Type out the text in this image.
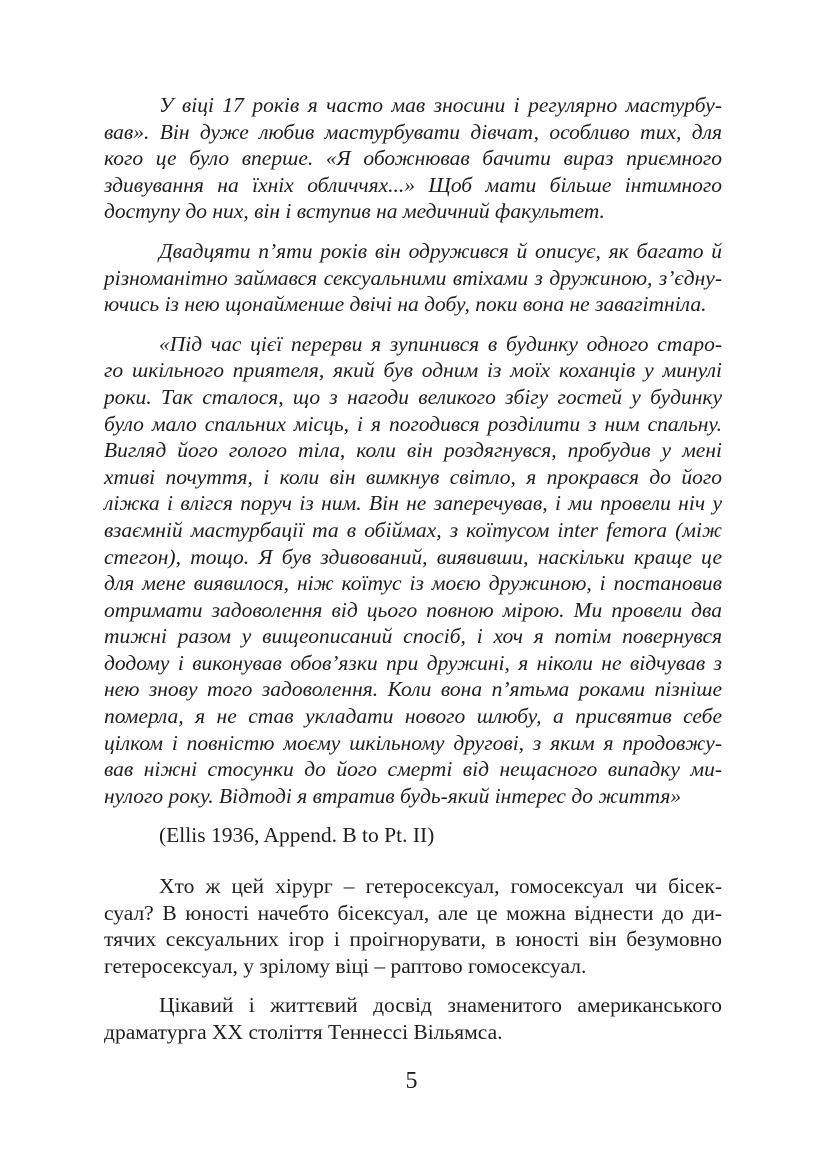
У віці 17 років я часто мав зносини і регулярно мастурбу-
вав». Він дуже любив мастурбувати дівчат, особливо тих, для
кого це було вперше. «Я обожнював бачити вираз приємного
здивування на їхніх обличчях...» Щоб мати більше інтимного
доступу до них, він і вступив на медичний факультет.
Двадцяти п’яти років він одружився й описує, як багато й
різноманітно займався сексуальними втіхами з дружиною, з’єдну-
ючись із нею щонайменше двічі на добу, поки вона не завагітніла.
«Під час цієї перерви я зупинився в будинку одного старо-
го шкільного приятеля, який був одним із моїх коханців у минулі
роки. Так сталося, що з нагоди великого збігу гостей у будинку
було мало спальних місць, і я погодився розділити з ним спальну.
Вигляд його голого тіла, коли він роздягнувся, пробудив у мені
хтиві почуття, і коли він вимкнув світло, я прокрався до його
ліжка і влігся поруч із ним. Він не заперечував, і ми провели ніч у
взаємній мастурбації та в обіймах, з коїтусом inter femora (між
стегон), тощо. Я був здивований, виявивши, наскільки краще це
для мене виявилося, ніж коїтус із моєю дружиною, і постановив
отримати задоволення від цього повною мірою. Ми провели два
тижні разом у вищеописаний спосіб, і хоч я потім повернувся
додому і виконував обов’язки при дружині, я ніколи не відчував з
нею знову того задоволення. Коли вона п’ятьма роками пізніше
померла, я не став укладати нового шлюбу, а присвятив себе
цілком і повністю моєму шкільному другові, з яким я продовжу-
вав ніжні стосунки до його смерті від нещасного випадку ми-
нулого року. Відтоді я втратив будь-який інтерес до життя»
(Ellis 1936, Append. B to Pt. II)
Хто ж цей хірург – гетеросексуал, гомосексуал чи бісек-
суал? В юності начебто бісексуал, але це можна віднести до ди-
тячих сексуальних ігор і проігнорувати, в юності він безумовно
гетеросексуал, у зрілому віці – раптово гомосексуал.
Цікавий і життєвий досвід знаменитого американського
драматурга XX століття Теннессі Вільямса.
5
